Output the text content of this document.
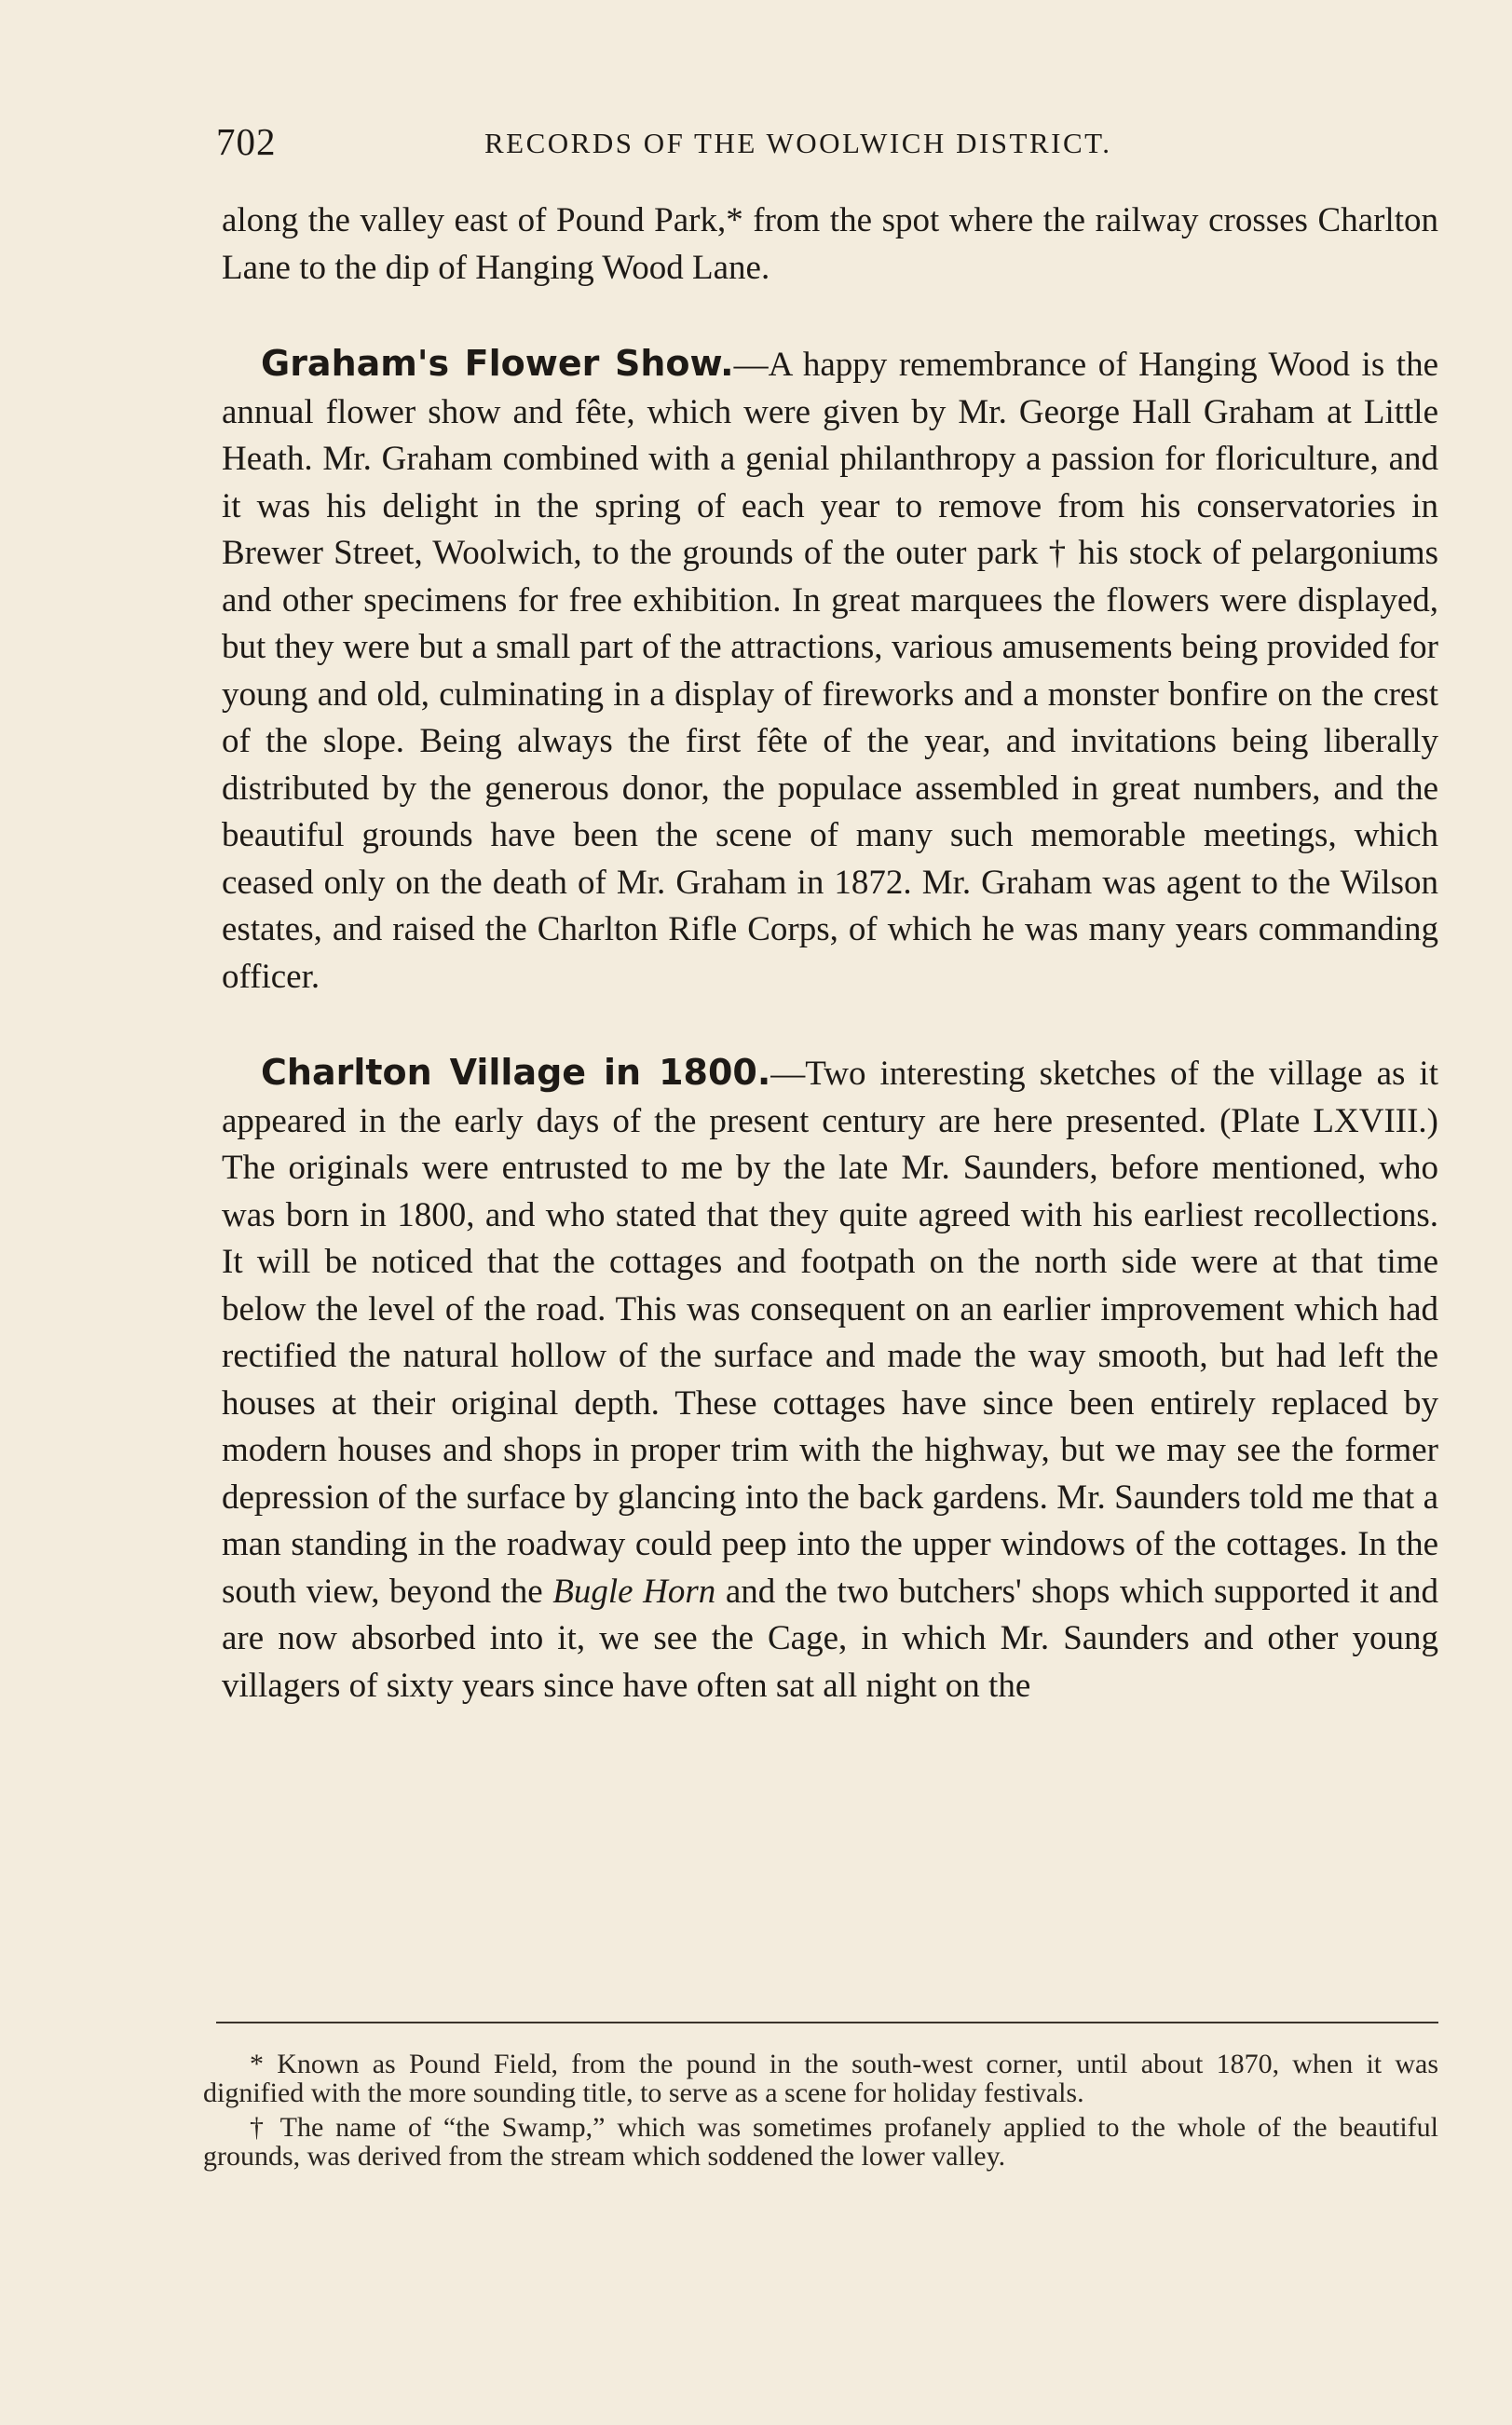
702	RECORDS OF THE WOOLWICH DISTRICT.

along the valley east of Pound Park,* from the spot where the railway crosses Charlton Lane to the dip of Hanging Wood Lane.

Graham's Flower Show.—A happy remembrance of Hanging Wood is the annual flower show and fête, which were given by Mr. George Hall Graham at Little Heath. Mr. Graham combined with a genial philanthropy a passion for floriculture, and it was his delight in the spring of each year to remove from his conservatories in Brewer Street, Woolwich, to the grounds of the outer park † his stock of pelargoniums and other specimens for free exhibition. In great marquees the flowers were displayed, but they were but a small part of the attractions, various amusements being provided for young and old, culminating in a display of fireworks and a monster bonfire on the crest of the slope. Being always the first fête of the year, and invitations being liberally distributed by the generous donor, the populace assembled in great numbers, and the beautiful grounds have been the scene of many such memorable meetings, which ceased only on the death of Mr. Graham in 1872. Mr. Graham was agent to the Wilson estates, and raised the Charlton Rifle Corps, of which he was many years commanding officer.

Charlton Village in 1800.—Two interesting sketches of the village as it appeared in the early days of the present century are here presented. (Plate LXVIII.) The originals were entrusted to me by the late Mr. Saunders, before mentioned, who was born in 1800, and who stated that they quite agreed with his earliest recollections. It will be noticed that the cottages and footpath on the north side were at that time below the level of the road. This was consequent on an earlier improvement which had rectified the natural hollow of the surface and made the way smooth, but had left the houses at their original depth. These cottages have since been entirely replaced by modern houses and shops in proper trim with the highway, but we may see the former depression of the surface by glancing into the back gardens. Mr. Saunders told me that a man standing in the roadway could peep into the upper windows of the cottages. In the south view, beyond the Bugle Horn and the two butchers' shops which supported it and are now absorbed into it, we see the Cage, in which Mr. Saunders and other young villagers of sixty years since have often sat all night on the

* Known as Pound Field, from the pound in the south-west corner, until about 1870, when it was dignified with the more sounding title, to serve as a scene for holiday festivals.

† The name of “the Swamp,” which was sometimes profanely applied to the whole of the beautiful grounds, was derived from the stream which soddened the lower valley.
